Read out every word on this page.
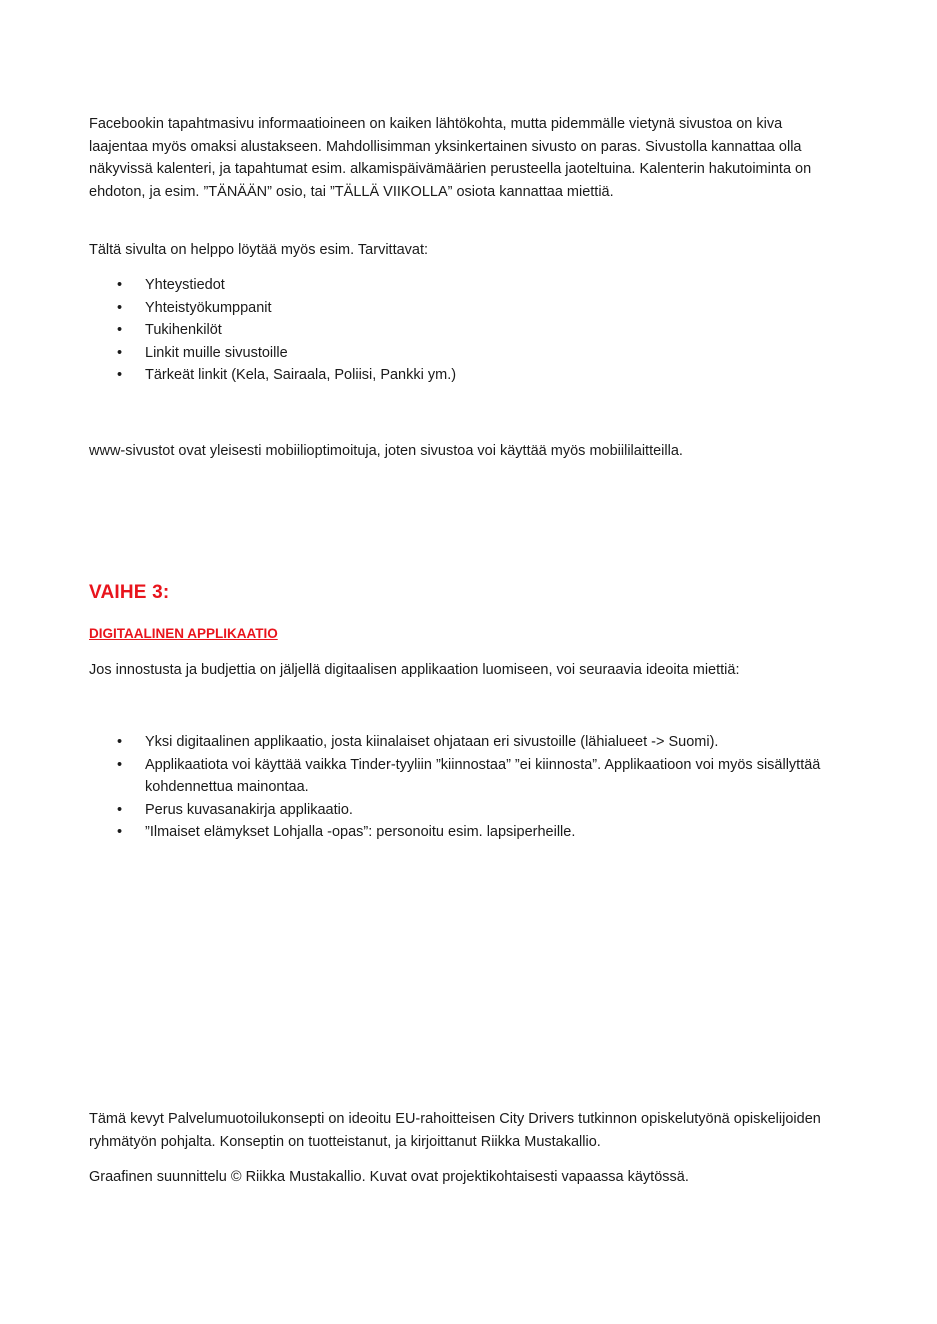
Facebookin tapahtmasivu informaatioineen on kaiken lähtökohta, mutta pidemmälle vietynä sivustoa on kiva laajentaa myös omaksi alustakseen. Mahdollisimman yksinkertainen sivusto on paras. Sivustolla kannattaa olla näkyvissä kalenteri, ja tapahtumat esim. alkamispäivämäärien perusteella jaoteltuina. Kalenterin hakutoiminta on ehdoton, ja esim. ”TÄNÄÄN” osio, tai ”TÄLLÄ VIIKOLLA” osiota kannattaa miettiä.

Tältä sivulta on helppo löytää myös esim. Tarvittavat:

• Yhteystiedot
• Yhteistyökumppanit
• Tukihenkilöt
• Linkit muille sivustoille
• Tärkeät linkit (Kela, Sairaala, Poliisi, Pankki ym.)

www-sivustot ovat yleisesti mobiilioptimoituja, joten sivustoa voi käyttää myös mobiililaitteilla.

VAIHE 3:
DIGITAALINEN APPLIKAATIO

Jos innostusta ja budjettia on jäljellä digitaalisen applikaation luomiseen, voi seuraavia ideoita miettiä:

• Yksi digitaalinen applikaatio, josta kiinalaiset ohjataan eri sivustoille (lähialueet -> Suomi).
• Applikaatiota voi käyttää vaikka Tinder-tyyliin ”kiinnostaa” ”ei kiinnosta”. Applikaatioon voi myös sisällyttää kohdennettua mainontaa.
• Perus kuvasanakirja applikaatio.
• ”Ilmaiset elämykset Lohjalla -opas”: personoitu esim. lapsiperheille.

Tämä kevyt Palvelumuotoilukonsepti on ideoitu EU-rahoitteisen City Drivers tutkinnon opiskelutyönä opiskelijoiden ryhmätyön pohjalta. Konseptin on tuotteistanut, ja kirjoittanut Riikka Mustakallio.

Graafinen suunnittelu © Riikka Mustakallio. Kuvat ovat projektikohtaisesti vapaassa käytössä.
